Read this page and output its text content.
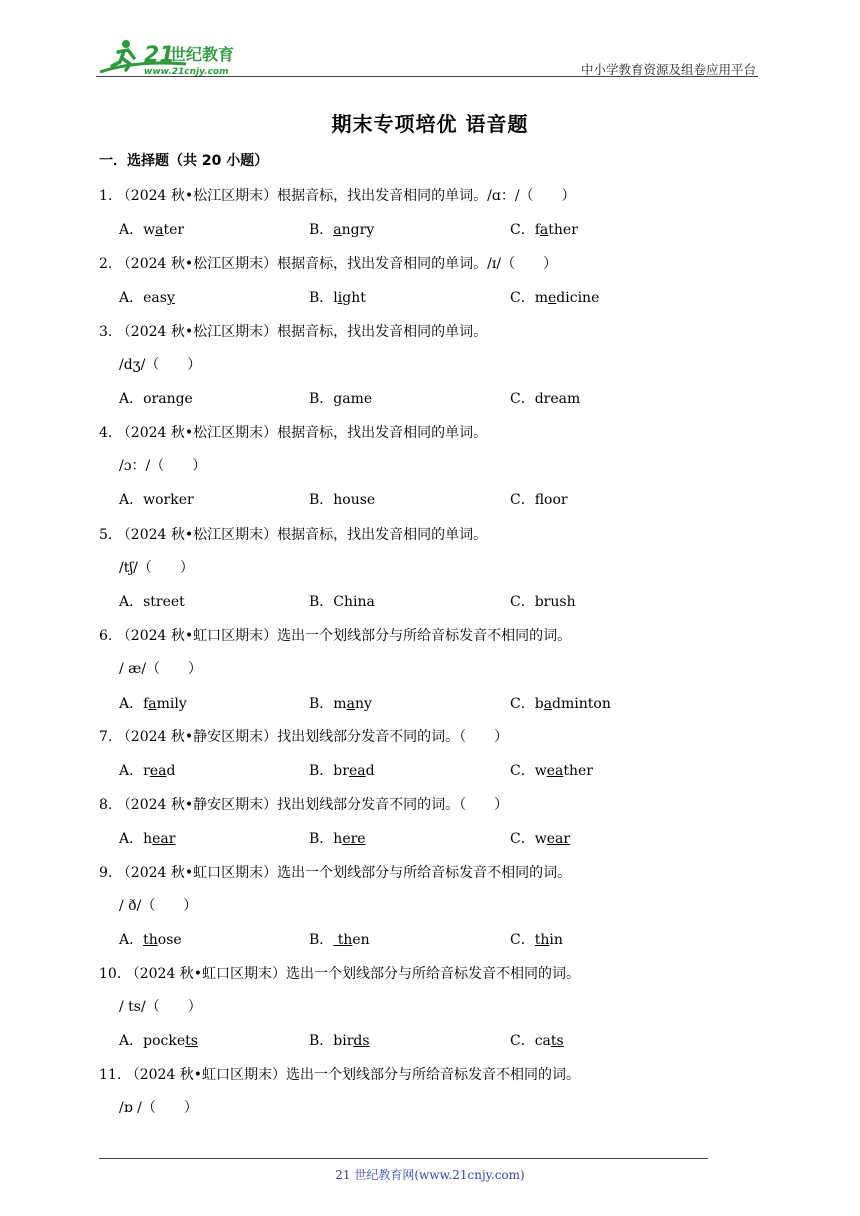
21
世纪教育
www.21cnjy.com	中小学教育资源及组卷应用平台
期末专项培优 语音题
一．选择题（共 20 小题）
1. （2024 秋•松江区期末）根据音标，找出发音相同的单词。/ɑ：/（　　）
A．water	B．angry	C．father
2. （2024 秋•松江区期末）根据音标，找出发音相同的单词。/ɪ/（　　）
A．easy	B．light	C．medicine
3. （2024 秋•松江区期末）根据音标，找出发音相同的单词。
/dʒ/（　　）
A．orange	B．game	C．dream
4. （2024 秋•松江区期末）根据音标，找出发音相同的单词。
/ɔ：/（　　）
A．worker	B．house	C．floor
5. （2024 秋•松江区期末）根据音标，找出发音相同的单词。
/tʃ/（　　）
A．street	B．China	C．brush
6. （2024 秋•虹口区期末）选出一个划线部分与所给音标发音不相同的词。
/ æ/（　　）
A．family	B．many	C．badminton
7. （2024 秋•静安区期末）找出划线部分发音不同的词。（　　）
A．read	B．bread	C．weather
8. （2024 秋•静安区期末）找出划线部分发音不同的词。（　　）
A．hear	B．here	C．wear
9. （2024 秋•虹口区期末）选出一个划线部分与所给音标发音不相同的词。
/ ð/（　　）
A．those	B． then	C．thin
10. （2024 秋•虹口区期末）选出一个划线部分与所给音标发音不相同的词。
/ ts/（　　）
A．pockets	B．birds	C．cats
11. （2024 秋•虹口区期末）选出一个划线部分与所给音标发音不相同的词。
/ɒ /（　　）
21 世纪教育网(www.21cnjy.com)
